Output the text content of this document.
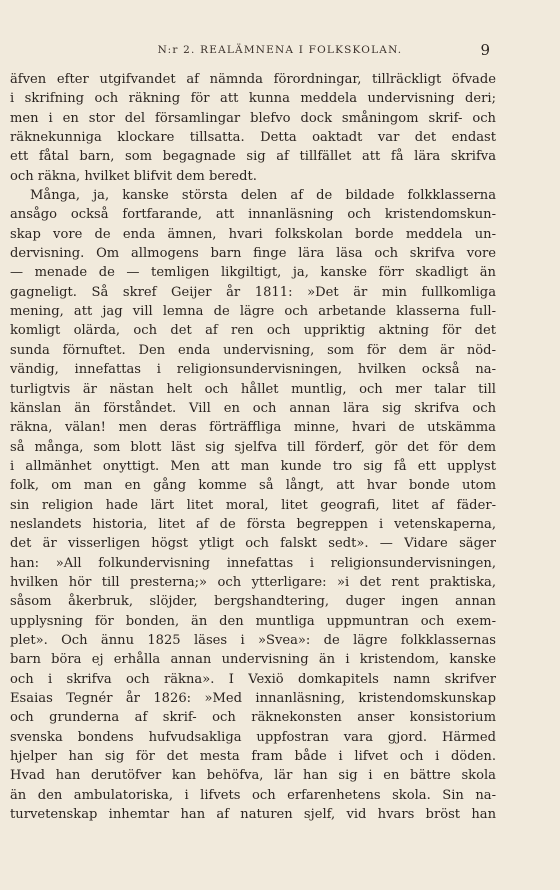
N:r 2. REALÄMNENA I FOLKSKOLAN.	9
äfven efter utgifvandet af nämnda förordningar, tillräckligt öfvade
i skrifning och räkning för att kunna meddela undervisning deri;
men i en stor del församlingar blefvo dock småningom skrif- och
räknekunniga klockare tillsatta. Detta oaktadt var det endast
ett fåtal barn, som begagnade sig af tillfället att få lära skrifva
och räkna, hvilket blifvit dem beredt.
Många, ja, kanske största delen af de bildade folkklasserna
ansågo också fortfarande, att innanläsning och kristendomskun-
skap vore de enda ämnen, hvari folkskolan borde meddela un-
dervisning. Om allmogens barn finge lära läsa och skrifva vore
— menade de — temligen likgiltigt, ja, kanske förr skadligt än
gagneligt. Så skref Geijer år 1811: »Det är min fullkomliga
mening, att jag vill lemna de lägre och arbetande klasserna full-
komligt olärda, och det af ren och uppriktig aktning för det
sunda förnuftet. Den enda undervisning, som för dem är nöd-
vändig, innefattas i religionsundervisningen, hvilken också na-
turligtvis är nästan helt och hållet muntlig, och mer talar till
känslan än förståndet. Vill en och annan lära sig skrifva och
räkna, välan! men deras förträffliga minne, hvari de utskämma
så många, som blott läst sig sjelfva till förderf, gör det för dem
i allmänhet onyttigt. Men att man kunde tro sig få ett upplyst
folk, om man en gång komme så långt, att hvar bonde utom
sin religion hade lärt litet moral, litet geografi, litet af fäder-
neslandets historia, litet af de första begreppen i vetenskaperna,
det är visserligen högst ytligt och falskt sedt». — Vidare säger
han: »All folkundervisning innefattas i religionsundervisningen,
hvilken hör till presterna;» och ytterligare: »i det rent praktiska,
såsom åkerbruk, slöjder, bergshandtering, duger ingen annan
upplysning för bonden, än den muntliga uppmuntran och exem-
plet». Och ännu 1825 läses i »Svea»: de lägre folkklassernas
barn böra ej erhålla annan undervisning än i kristendom, kanske
och i skrifva och räkna». I Vexiö domkapitels namn skrifver
Esaias Tegnér år 1826: »Med innanläsning, kristendomskunskap
och grunderna af skrif- och räknekonsten anser konsistorium
svenska bondens hufvudsakliga uppfostran vara gjord. Härmed
hjelper han sig för det mesta fram både i lifvet och i döden.
Hvad han derutöfver kan behöfva, lär han sig i en bättre skola
än den ambulatoriska, i lifvets och erfarenhetens skola. Sin na-
turvetenskap inhemtar han af naturen sjelf, vid hvars bröst han
